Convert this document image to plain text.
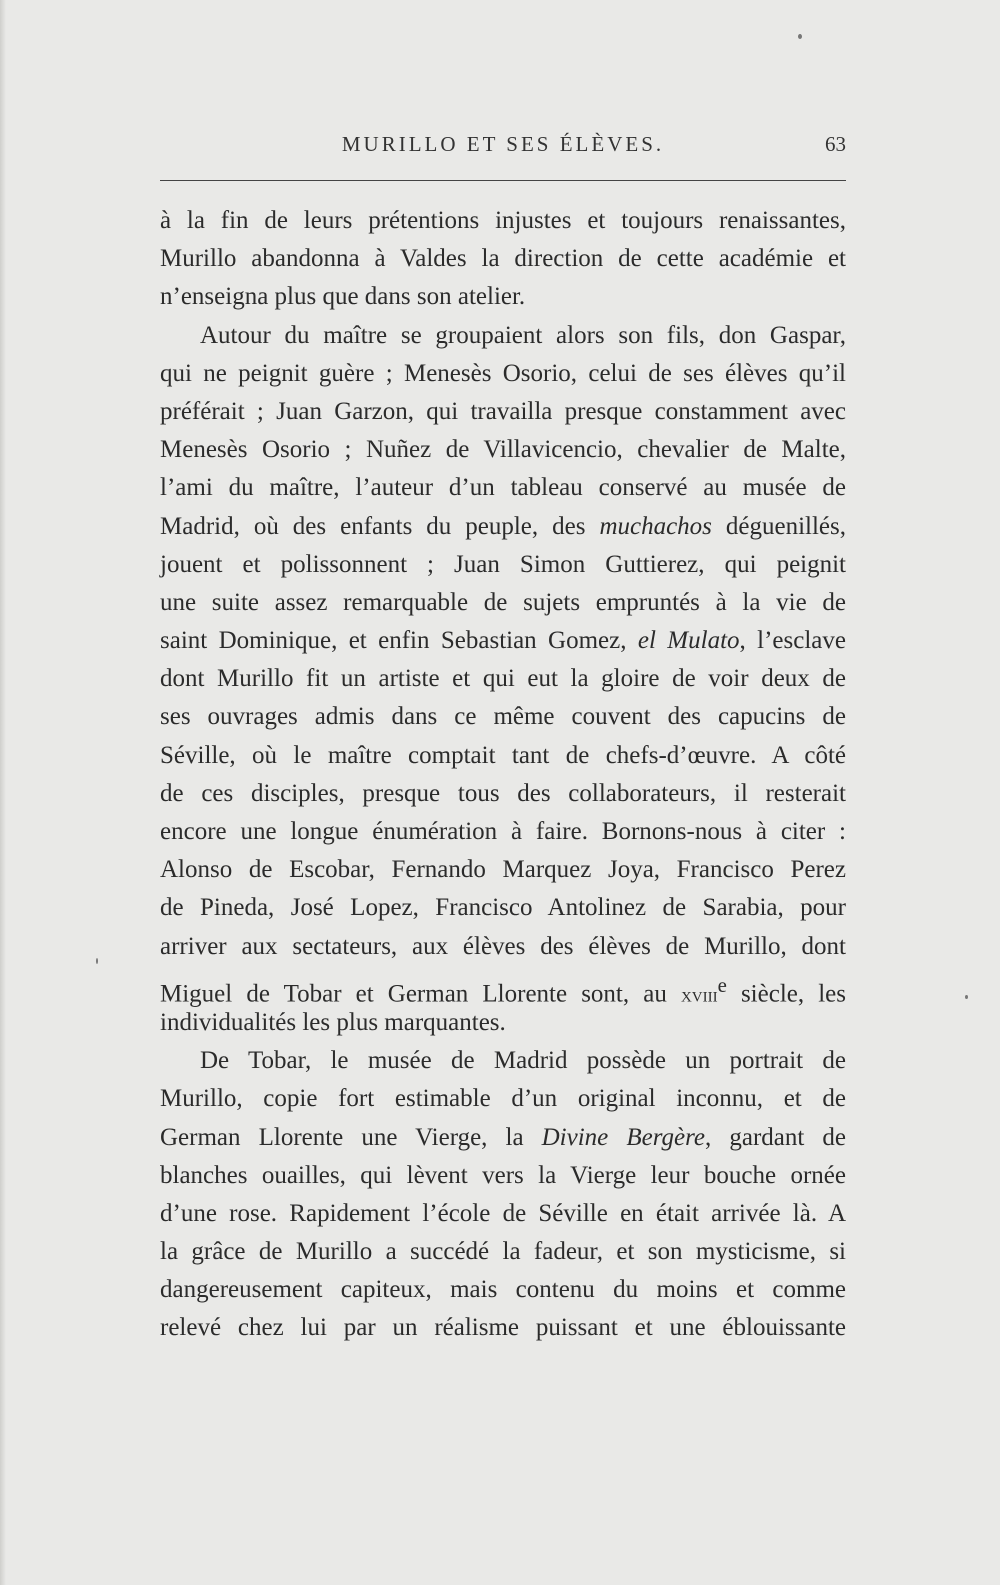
MURILLO ET SES ÉLÈVES.	63
à la fin de leurs prétentions injustes et toujours renaissantes,
Murillo abandonna à Valdes la direction de cette académie et
n’enseigna plus que dans son atelier.
Autour du maître se groupaient alors son fils, don Gaspar,
qui ne peignit guère ; Menesès Osorio, celui de ses élèves qu’il
préférait ; Juan Garzon, qui travailla presque constamment avec
Menesès Osorio ; Nuñez de Villavicencio, chevalier de Malte,
l’ami du maître, l’auteur d’un tableau conservé au musée de
Madrid, où des enfants du peuple, des muchachos déguenillés,
jouent et polissonnent ; Juan Simon Guttierez, qui peignit
une suite assez remarquable de sujets empruntés à la vie de
saint Dominique, et enfin Sebastian Gomez, el Mulato, l’esclave
dont Murillo fit un artiste et qui eut la gloire de voir deux de
ses ouvrages admis dans ce même couvent des capucins de
Séville, où le maître comptait tant de chefs-d’œuvre. A côté
de ces disciples, presque tous des collaborateurs, il resterait
encore une longue énumération à faire. Bornons-nous à citer :
Alonso de Escobar, Fernando Marquez Joya, Francisco Perez
de Pineda, José Lopez, Francisco Antolinez de Sarabia, pour
arriver aux sectateurs, aux élèves des élèves de Murillo, dont
Miguel de Tobar et German Llorente sont, au xviii$^e$ siècle, les
individualités les plus marquantes.
De Tobar, le musée de Madrid possède un portrait de
Murillo, copie fort estimable d’un original inconnu, et de
German Llorente une Vierge, la Divine Bergère, gardant de
blanches ouailles, qui lèvent vers la Vierge leur bouche ornée
d’une rose. Rapidement l’école de Séville en était arrivée là. A
la grâce de Murillo a succédé la fadeur, et son mysticisme, si
dangereusement capiteux, mais contenu du moins et comme
relevé chez lui par un réalisme puissant et une éblouissante
